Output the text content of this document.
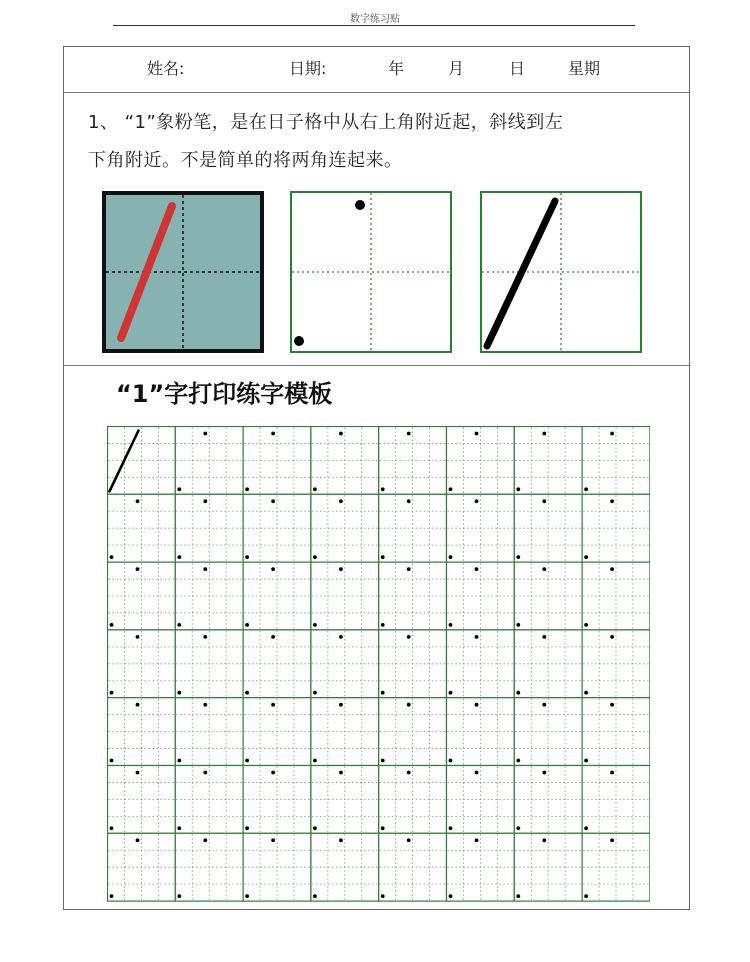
数字练习贴
姓名:	日期:	年	月	日	星期
1、 “1”象粉笔，是在日子格中从右上角附近起，斜线到左
下角附近。不是简单的将两角连起来。
“1”字打印练字模板
